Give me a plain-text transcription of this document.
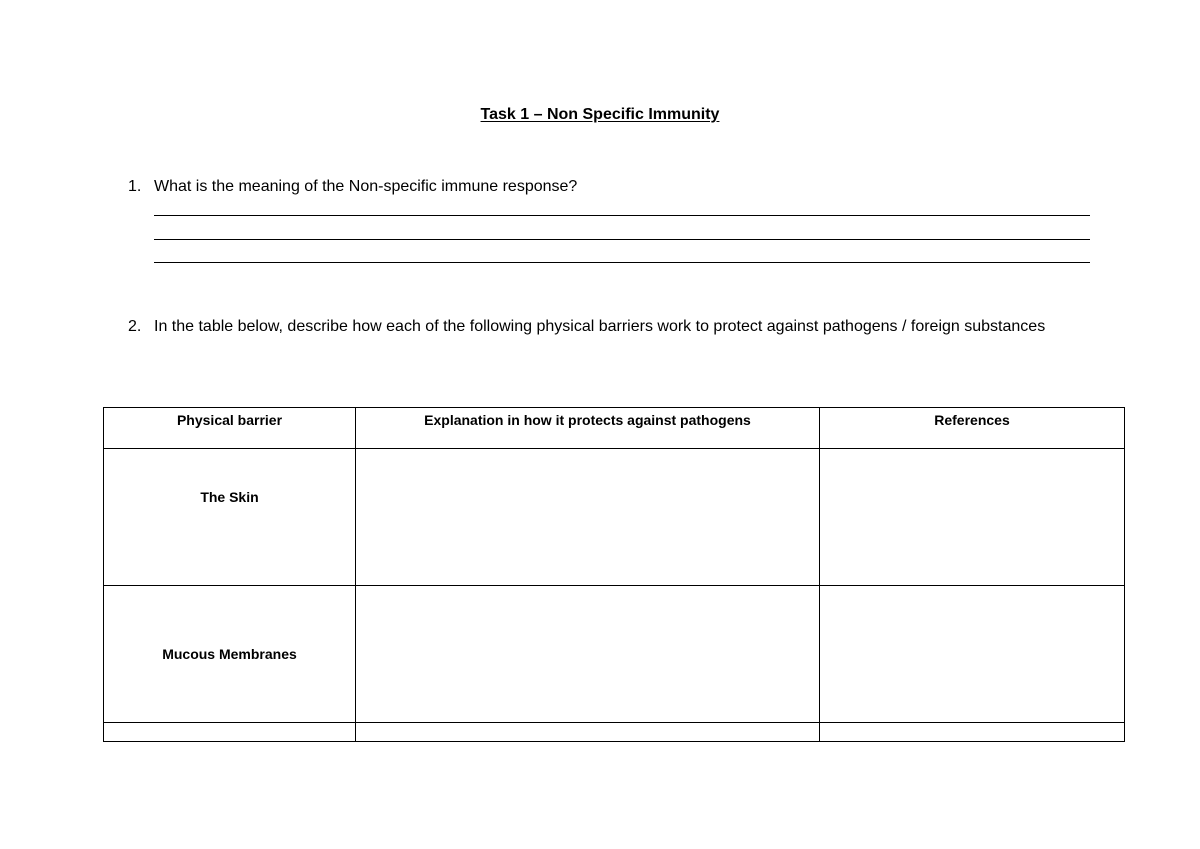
Task 1 – Non Specific Immunity
1. What is the meaning of the Non-specific immune response?
2. In the table below, describe how each of the following physical barriers work to protect against pathogens / foreign substances
Physical barrier	Explanation in how it protects against pathogens	References
The Skin		
Mucous Membranes		
